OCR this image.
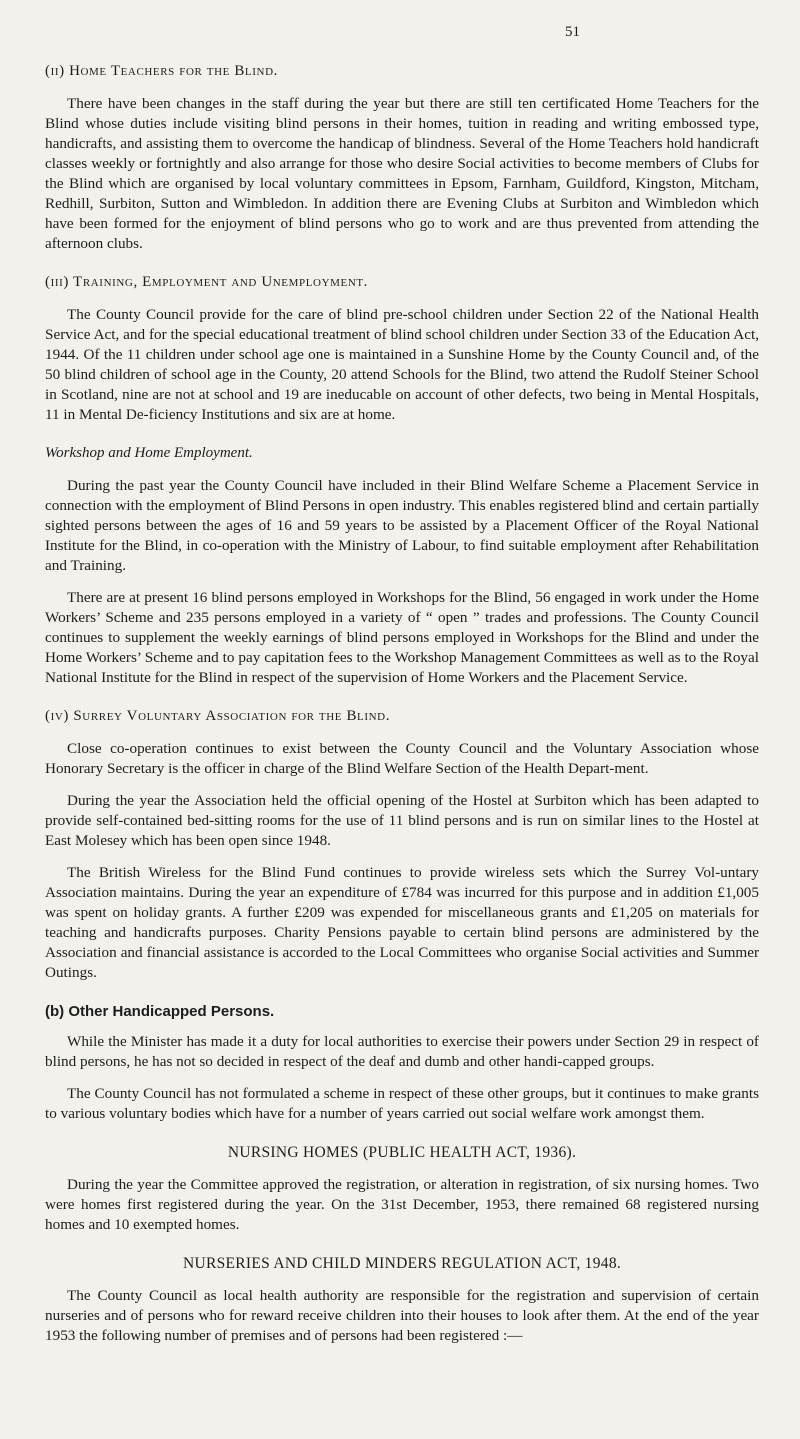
51
(ii) Home Teachers for the Blind.

There have been changes in the staff during the year but there are still ten certificated Home Teachers for the Blind whose duties include visiting blind persons in their homes, tuition in reading and writing embossed type, handicrafts, and assisting them to overcome the handicap of blindness. Several of the Home Teachers hold handicraft classes weekly or fortnightly and also arrange for those who desire Social activities to become members of Clubs for the Blind which are organised by local voluntary committees in Epsom, Farnham, Guildford, Kingston, Mitcham, Redhill, Surbiton, Sutton and Wimbledon. In addition there are Evening Clubs at Surbiton and Wimbledon which have been formed for the enjoyment of blind persons who go to work and are thus prevented from attending the afternoon clubs.

(iii) Training, Employment and Unemployment.

The County Council provide for the care of blind pre-school children under Section 22 of the National Health Service Act, and for the special educational treatment of blind school children under Section 33 of the Education Act, 1944. Of the 11 children under school age one is maintained in a Sunshine Home by the County Council and, of the 50 blind children of school age in the County, 20 attend Schools for the Blind, two attend the Rudolf Steiner School in Scotland, nine are not at school and 19 are ineducable on account of other defects, two being in Mental Hospitals, 11 in Mental De-ficiency Institutions and six are at home.

Workshop and Home Employment.

During the past year the County Council have included in their Blind Welfare Scheme a Placement Service in connection with the employment of Blind Persons in open industry. This enables registered blind and certain partially sighted persons between the ages of 16 and 59 years to be assisted by a Placement Officer of the Royal National Institute for the Blind, in co-operation with the Ministry of Labour, to find suitable employment after Rehabilitation and Training.

There are at present 16 blind persons employed in Workshops for the Blind, 56 engaged in work under the Home Workers’ Scheme and 235 persons employed in a variety of “ open ” trades and professions. The County Council continues to supplement the weekly earnings of blind persons employed in Workshops for the Blind and under the Home Workers’ Scheme and to pay capitation fees to the Workshop Management Committees as well as to the Royal National Institute for the Blind in respect of the supervision of Home Workers and the Placement Service.

(iv) Surrey Voluntary Association for the Blind.

Close co-operation continues to exist between the County Council and the Voluntary Association whose Honorary Secretary is the officer in charge of the Blind Welfare Section of the Health Depart-ment.

During the year the Association held the official opening of the Hostel at Surbiton which has been adapted to provide self-contained bed-sitting rooms for the use of 11 blind persons and is run on similar lines to the Hostel at East Molesey which has been open since 1948.

The British Wireless for the Blind Fund continues to provide wireless sets which the Surrey Vol-untary Association maintains. During the year an expenditure of £784 was incurred for this purpose and in addition £1,005 was spent on holiday grants. A further £209 was expended for miscellaneous grants and £1,205 on materials for teaching and handicrafts purposes. Charity Pensions payable to certain blind persons are administered by the Association and financial assistance is accorded to the Local Committees who organise Social activities and Summer Outings.

(b) Other Handicapped Persons.

While the Minister has made it a duty for local authorities to exercise their powers under Section 29 in respect of blind persons, he has not so decided in respect of the deaf and dumb and other handi-capped groups.

The County Council has not formulated a scheme in respect of these other groups, but it continues to make grants to various voluntary bodies which have for a number of years carried out social welfare work amongst them.

NURSING HOMES (PUBLIC HEALTH ACT, 1936).

During the year the Committee approved the registration, or alteration in registration, of six nursing homes. Two were homes first registered during the year. On the 31st December, 1953, there remained 68 registered nursing homes and 10 exempted homes.

NURSERIES AND CHILD MINDERS REGULATION ACT, 1948.

The County Council as local health authority are responsible for the registration and supervision of certain nurseries and of persons who for reward receive children into their houses to look after them. At the end of the year 1953 the following number of premises and of persons had been registered :—
